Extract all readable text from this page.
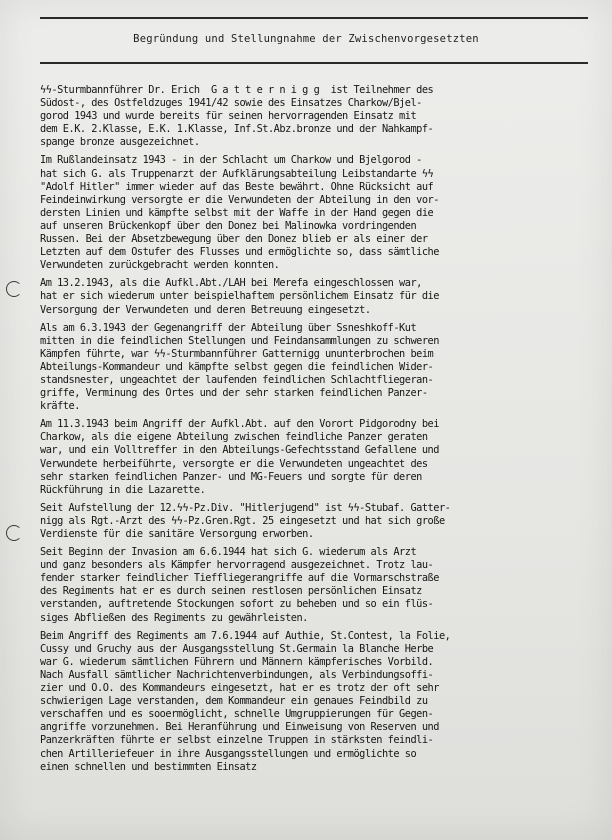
Begründung und Stellungnahme der Zwischenvorgesetzten
ϟϟ-Sturmbannführer Dr. Erich  G a t t e r n i g g  ist Teilnehmer des
Südost-, des Ostfeldzuges 1941/42 sowie des Einsatzes Charkow/Bjel-
gorod 1943 und wurde bereits für seinen hervorragenden Einsatz mit
dem E.K. 2.Klasse, E.K. 1.Klasse, Inf.St.Abz.bronze und der Nahkampf-
spange bronze ausgezeichnet.
Im Rußlandeinsatz 1943 - in der Schlacht um Charkow und Bjelgorod -
hat sich G. als Truppenarzt der Aufklärungsabteilung Leibstandarte ϟϟ
"Adolf Hitler" immer wieder auf das Beste bewährt. Ohne Rücksicht auf
Feindeinwirkung versorgte er die Verwundeten der Abteilung in den vor-
dersten Linien und kämpfte selbst mit der Waffe in der Hand gegen die
auf unseren Brückenkopf über den Donez bei Malinowka vordringenden
Russen. Bei der Absetzbewegung über den Donez blieb er als einer der
Letzten auf dem Ostufer des Flusses und ermöglichte so, dass sämtliche
Verwundeten zurückgebracht werden konnten.
Am 13.2.1943, als die Aufkl.Abt./LAH bei Merefa eingeschlossen war,
hat er sich wiederum unter beispielhaftem persönlichem Einsatz für die
Versorgung der Verwundeten und deren Betreuung eingesetzt.
Als am 6.3.1943 der Gegenangriff der Abteilung über Ssneshkoff-Kut
mitten in die feindlichen Stellungen und Feindansammlungen zu schweren
Kämpfen führte, war ϟϟ-Sturmbannführer Gatternigg ununterbrochen beim
Abteilungs-Kommandeur und kämpfte selbst gegen die feindlichen Wider-
standsnester, ungeachtet der laufenden feindlichen Schlachtfliegeran-
griffe, Verminung des Ortes und der sehr starken feindlichen Panzer-
kräfte.
Am 11.3.1943 beim Angriff der Aufkl.Abt. auf den Vorort Pidgorodny bei
Charkow, als die eigene Abteilung zwischen feindliche Panzer geraten
war, und ein Volltreffer in den Abteilungs-Gefechtsstand Gefallene und
Verwundete herbeiführte, versorgte er die Verwundeten ungeachtet des
sehr starken feindlichen Panzer- und MG-Feuers und sorgte für deren
Rückführung in die Lazarette.
Seit Aufstellung der 12.ϟϟ-Pz.Div. "Hitlerjugend" ist ϟϟ-Stubaf. Gatter-
nigg als Rgt.-Arzt des ϟϟ-Pz.Gren.Rgt. 25 eingesetzt und hat sich große
Verdienste für die sanitäre Versorgung erworben.
Seit Beginn der Invasion am 6.6.1944 hat sich G. wiederum als Arzt
und ganz besonders als Kämpfer hervorragend ausgezeichnet. Trotz lau-
fender starker feindlicher Tieffliegerangriffe auf die Vormarschstraße
des Regiments hat er es durch seinen restlosen persönlichen Einsatz
verstanden, auftretende Stockungen sofort zu beheben und so ein flüs-
siges Abfließen des Regiments zu gewährleisten.
Beim Angriff des Regiments am 7.6.1944 auf Authie, St.Contest, la Folie,
Cussy und Gruchy aus der Ausgangsstellung St.Germain la Blanche Herbe
war G. wiederum sämtlichen Führern und Männern kämpferisches Vorbild.
Nach Ausfall sämtlicher Nachrichtenverbindungen, als Verbindungsoffi-
zier und O.O. des Kommandeurs eingesetzt, hat er es trotz der oft sehr
schwierigen Lage verstanden, dem Kommandeur ein genaues Feindbild zu
verschaffen und es sooermöglicht, schnelle Umgruppierungen für Gegen-
angriffe vorzunehmen. Bei Heranführung und Einweisung von Reserven und
Panzerkräften führte er selbst einzelne Truppen in stärksten feindli-
chen Artilleriefeuer in ihre Ausgangsstellungen und ermöglichte so
einen schnellen und bestimmten Einsatz
